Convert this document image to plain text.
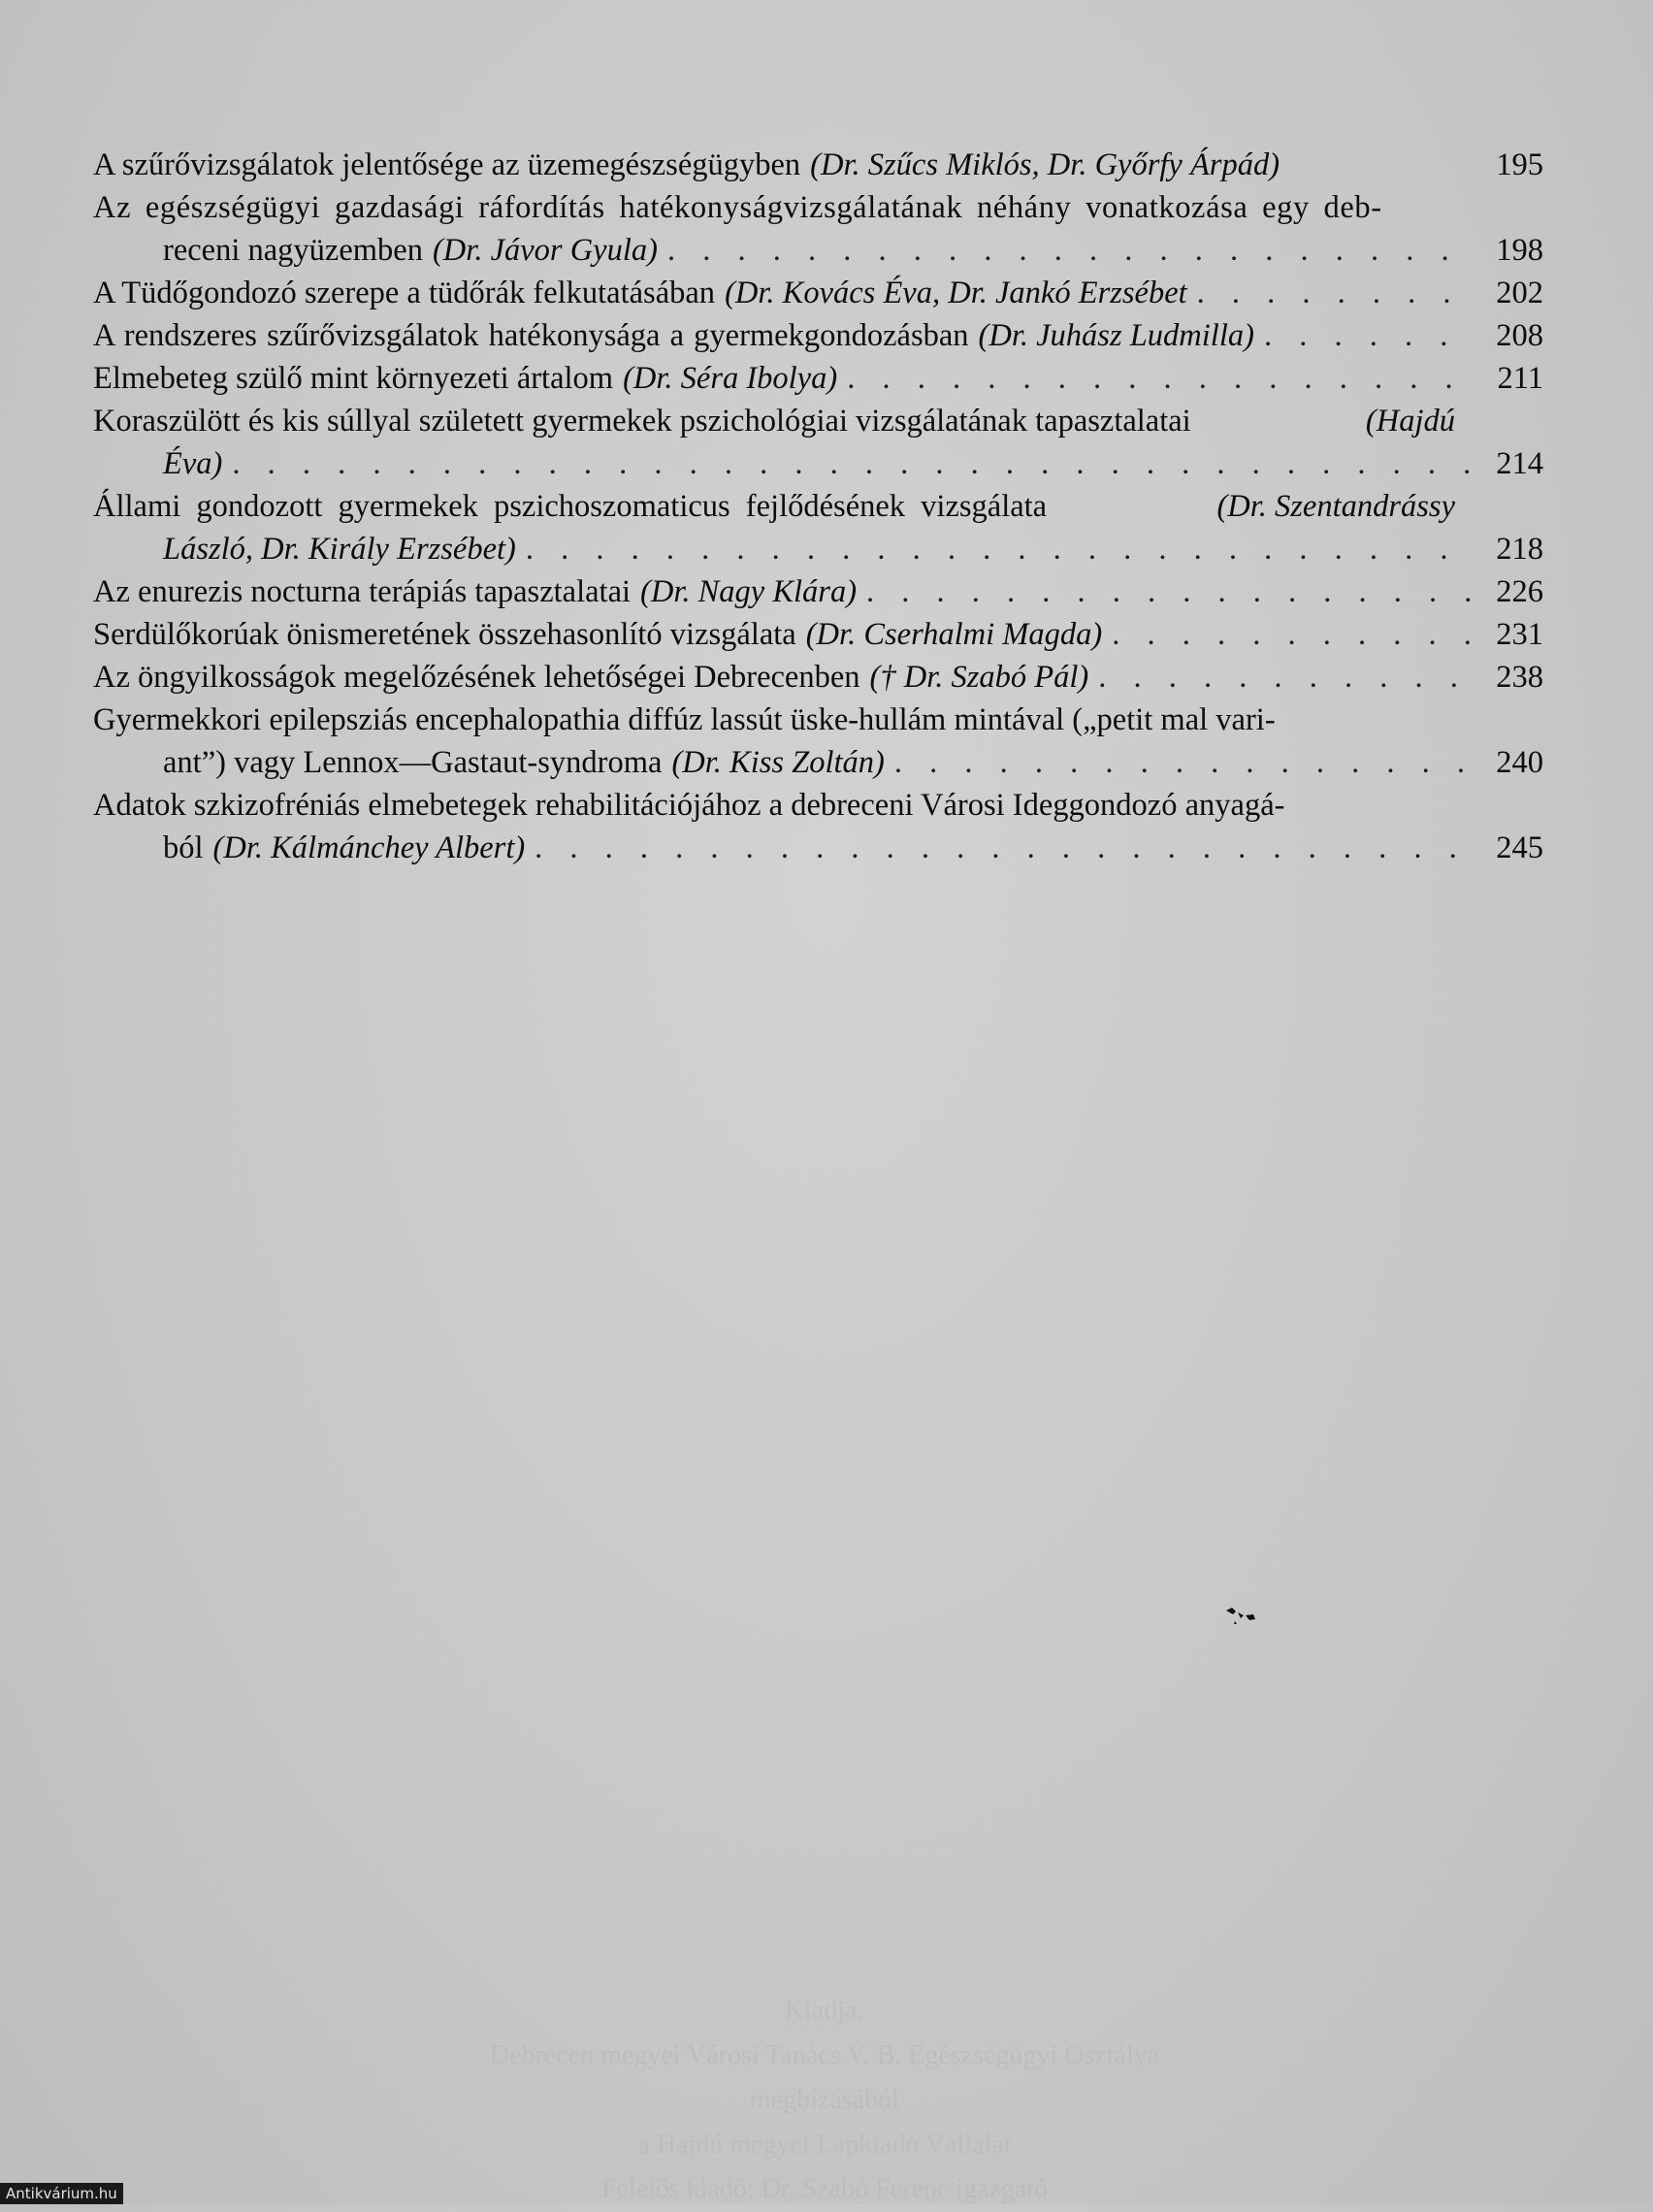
A szűrővizsgálatok jelentősége az üzemegészségügyben (Dr. Szűcs Miklós, Dr. Győrfy Árpád)	195
Az egészségügyi gazdasági ráfordítás hatékonyságvizsgálatának néhány vonatkozása egy deb-
receni nagyüzemben (Dr. Jávor Gyula) . . .	198
A Tüdőgondozó szerepe a tüdőrák felkutatásában (Dr. Kovács Éva, Dr. Jankó Erzsébet . . .	202
A rendszeres szűrővizsgálatok hatékonysága a gyermekgondozásban (Dr. Juhász Ludmilla) . . .	208
Elmebeteg szülő mint környezeti ártalom (Dr. Séra Ibolya) . . .	211
Koraszülött és kis súllyal született gyermekek pszichológiai vizsgálatának tapasztalatai	(Hajdú
Éva) . . .	214
Állami gondozott gyermekek pszichoszomaticus fejlődésének vizsgálata	(Dr. Szentandrássy
László, Dr. Király Erzsébet) . . .	218
Az enurezis nocturna terápiás tapasztalatai (Dr. Nagy Klára) . . .	226
Serdülőkorúak önismeretének összehasonlító vizsgálata (Dr. Cserhalmi Magda) . . .	231
Az öngyilkosságok megelőzésének lehetőségei Debrecenben († Dr. Szabó Pál) . . .	238
Gyermekkori epilepsziás encephalopathia diffúz lassút üske-hullám mintával („petit mal vari-
ant”) vagy Lennox—Gastaut-syndroma (Dr. Kiss Zoltán) . . .	240
Adatok szkizofréniás elmebetegek rehabilitációjához a debreceni Városi Ideggondozó anyagá-
ból (Dr. Kálmánchey Albert) . . .	245
Kiadja:
Debrecen megyei Városi Tanács V. B. Egészségügyi Osztálya
megbízásából
a Hajdú megyei Lapkiadó Vállalat
Felelős kiadó: Dr. Szabó Ferenc igazgató
Antikvárium.hu
